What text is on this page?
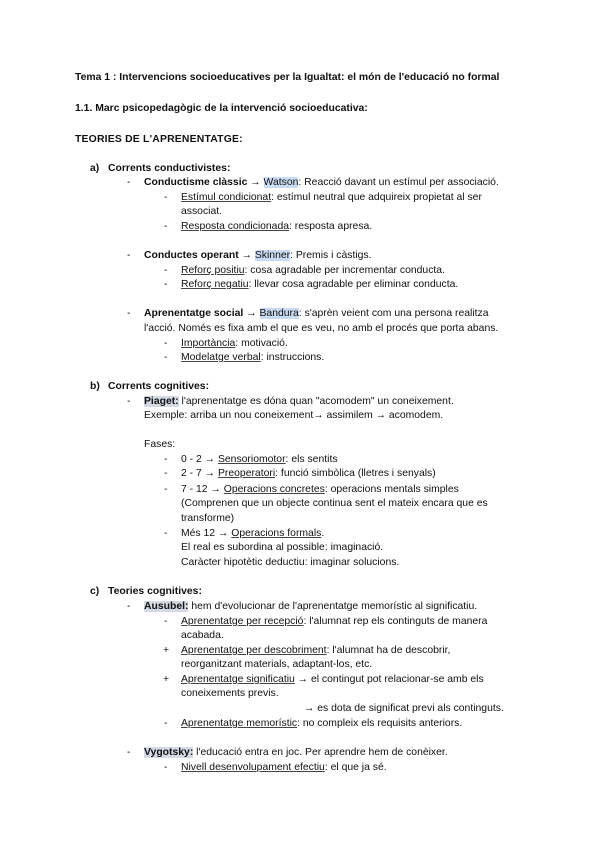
Tema 1 : Intervencions socioeducatives per la Igualtat: el món de l'educació no formal
1.1. Marc psicopedagògic de la intervenció socioeducativa:
TEORIES DE L'APRENENTATGE:
a) Corrents conductivistes:
- Conductisme clàssic → Watson: Reacció davant un estímul per associació.
- Estímul condicionat: estímul neutral que adquireix propietat al ser
associat.
- Resposta condicionada: resposta apresa.
- Conductes operant → Skinner: Premis i càstigs.
- Reforç positiu: cosa agradable per incrementar conducta.
- Reforç negatiu: llevar cosa agradable per eliminar conducta.
- Aprenentatge social → Bandura: s'aprèn veient com una persona realitza
l'acció. Només es fixa amb el que es veu, no amb el procés que porta abans.
- Importància: motivació.
- Modelatge verbal: instruccions.
b) Corrents cognitives:
- Piaget: l'aprenentatge es dóna quan "acomodem" un coneixement.
Exemple: arriba un nou coneixement→ assimilem → acomodem.
Fases:
- 0 - 2 → Sensoriomotor: els sentits
- 2 - 7 → Preoperatori: funció simbòlica (lletres i senyals)
- 7 - 12 → Operacions concretes: operacions mentals simples
(Comprenen que un objecte continua sent el mateix encara que es
transforme)
- Més 12 → Operacions formals.
El real es subordina al possible: imaginació.
Caràcter hipotètic deductiu: imaginar solucions.
c) Teories cognitives:
- Ausubel: hem d'evolucionar de l'aprenentatge memorístic al significatiu.
- Aprenentatge per recepció: l'alumnat rep els continguts de manera
acabada.
+ Aprenentatge per descobriment: l'alumnat ha de descobrir,
reorganitzant materials, adaptant-los, etc.
+ Aprenentatge significatiu → el contingut pot relacionar-se amb els
coneixements previs.
→ es dota de significat previ als continguts.
- Aprenentatge memorístic: no compleix els requisits anteriors.
- Vygotsky: l'educació entra en joc. Per aprendre hem de conèixer.
- Nivell desenvolupament efectiu: el que ja sé.
